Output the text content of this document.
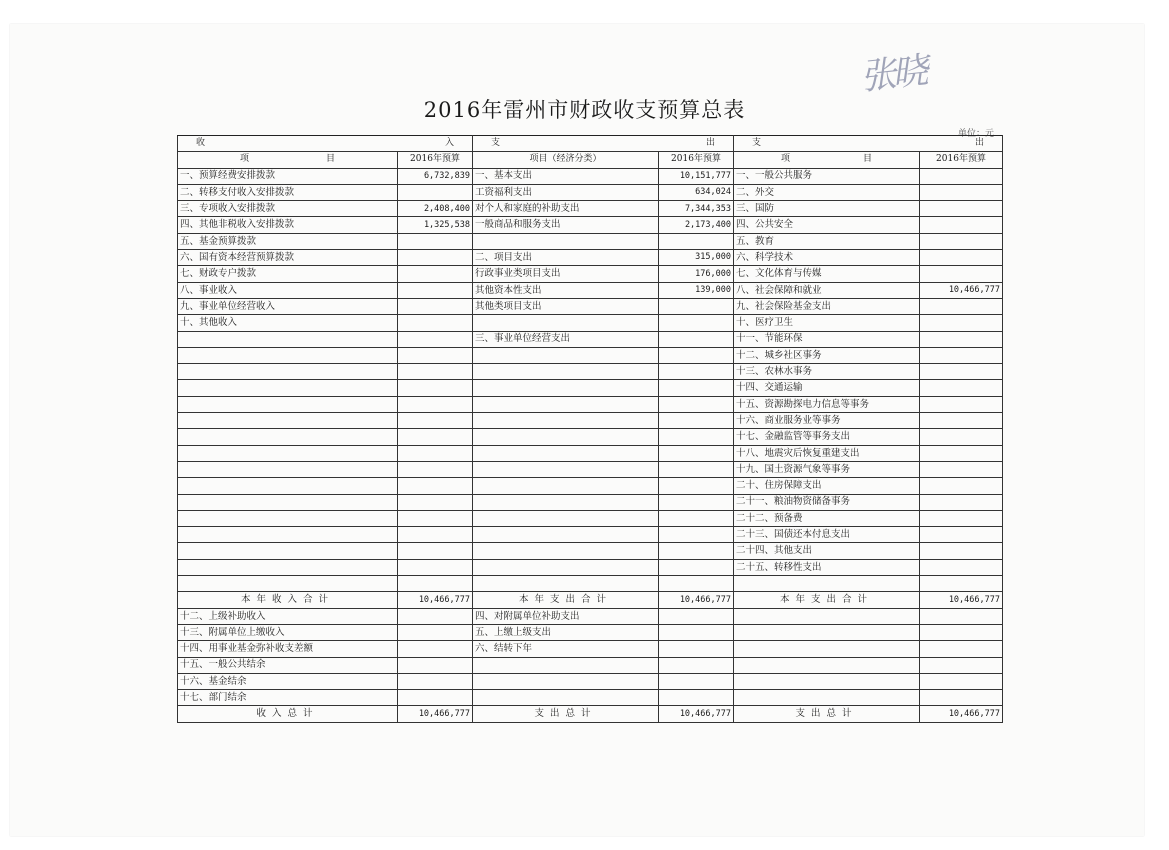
张晓
2016年雷州市财政收支预算总表
单位：元
收 入		支 出		支 出	

项 目	2016年预算	项目（经济分类）	2016年预算	项 目	2016年预算
一、预算经费安排拨款	6,732,839	一、基本支出	10,151,777	一、一般公共服务	
二、转移支付收入安排拨款		工资福利支出	634,024	二、外交	
三、专项收入安排拨款	2,408,400	对个人和家庭的补助支出	7,344,353	三、国防	
四、其他非税收入安排拨款	1,325,538	一般商品和服务支出	2,173,400	四、公共安全	
五、基金预算拨款				五、教育	
六、国有资本经营预算拨款		二、项目支出	315,000	六、科学技术	
七、财政专户拨款		行政事业类项目支出	176,000	七、文化体育与传媒	
八、事业收入		其他资本性支出	139,000	八、社会保障和就业	10,466,777
九、事业单位经营收入		其他类项目支出		九、社会保险基金支出	
十、其他收入				十、医疗卫生	
		三、事业单位经营支出		十一、节能环保	
				十二、城乡社区事务	
				十三、农林水事务	
				十四、交通运输	
				十五、资源勘探电力信息等事务	
				十六、商业服务业等事务	
				十七、金融监管等事务支出	
				十八、地震灾后恢复重建支出	
				十九、国土资源气象等事务	
				二十、住房保障支出	
				二十一、粮油物资储备事务	
				二十二、预备费	
				二十三、国债还本付息支出	
				二十四、其他支出	
				二十五、转移性支出	

本年收入合计	10,466,777	本年支出合计	10,466,777	本年支出合计	10,466,777
十二、上级补助收入		四、对附属单位补助支出			
十三、附属单位上缴收入		五、上缴上级支出			
十四、用事业基金弥补收支差额		六、结转下年			
十五、一般公共结余					
十六、基金结余					
十七、部门结余					
收入总计	10,466,777	支出总计	10,466,777	支出总计	10,466,777
